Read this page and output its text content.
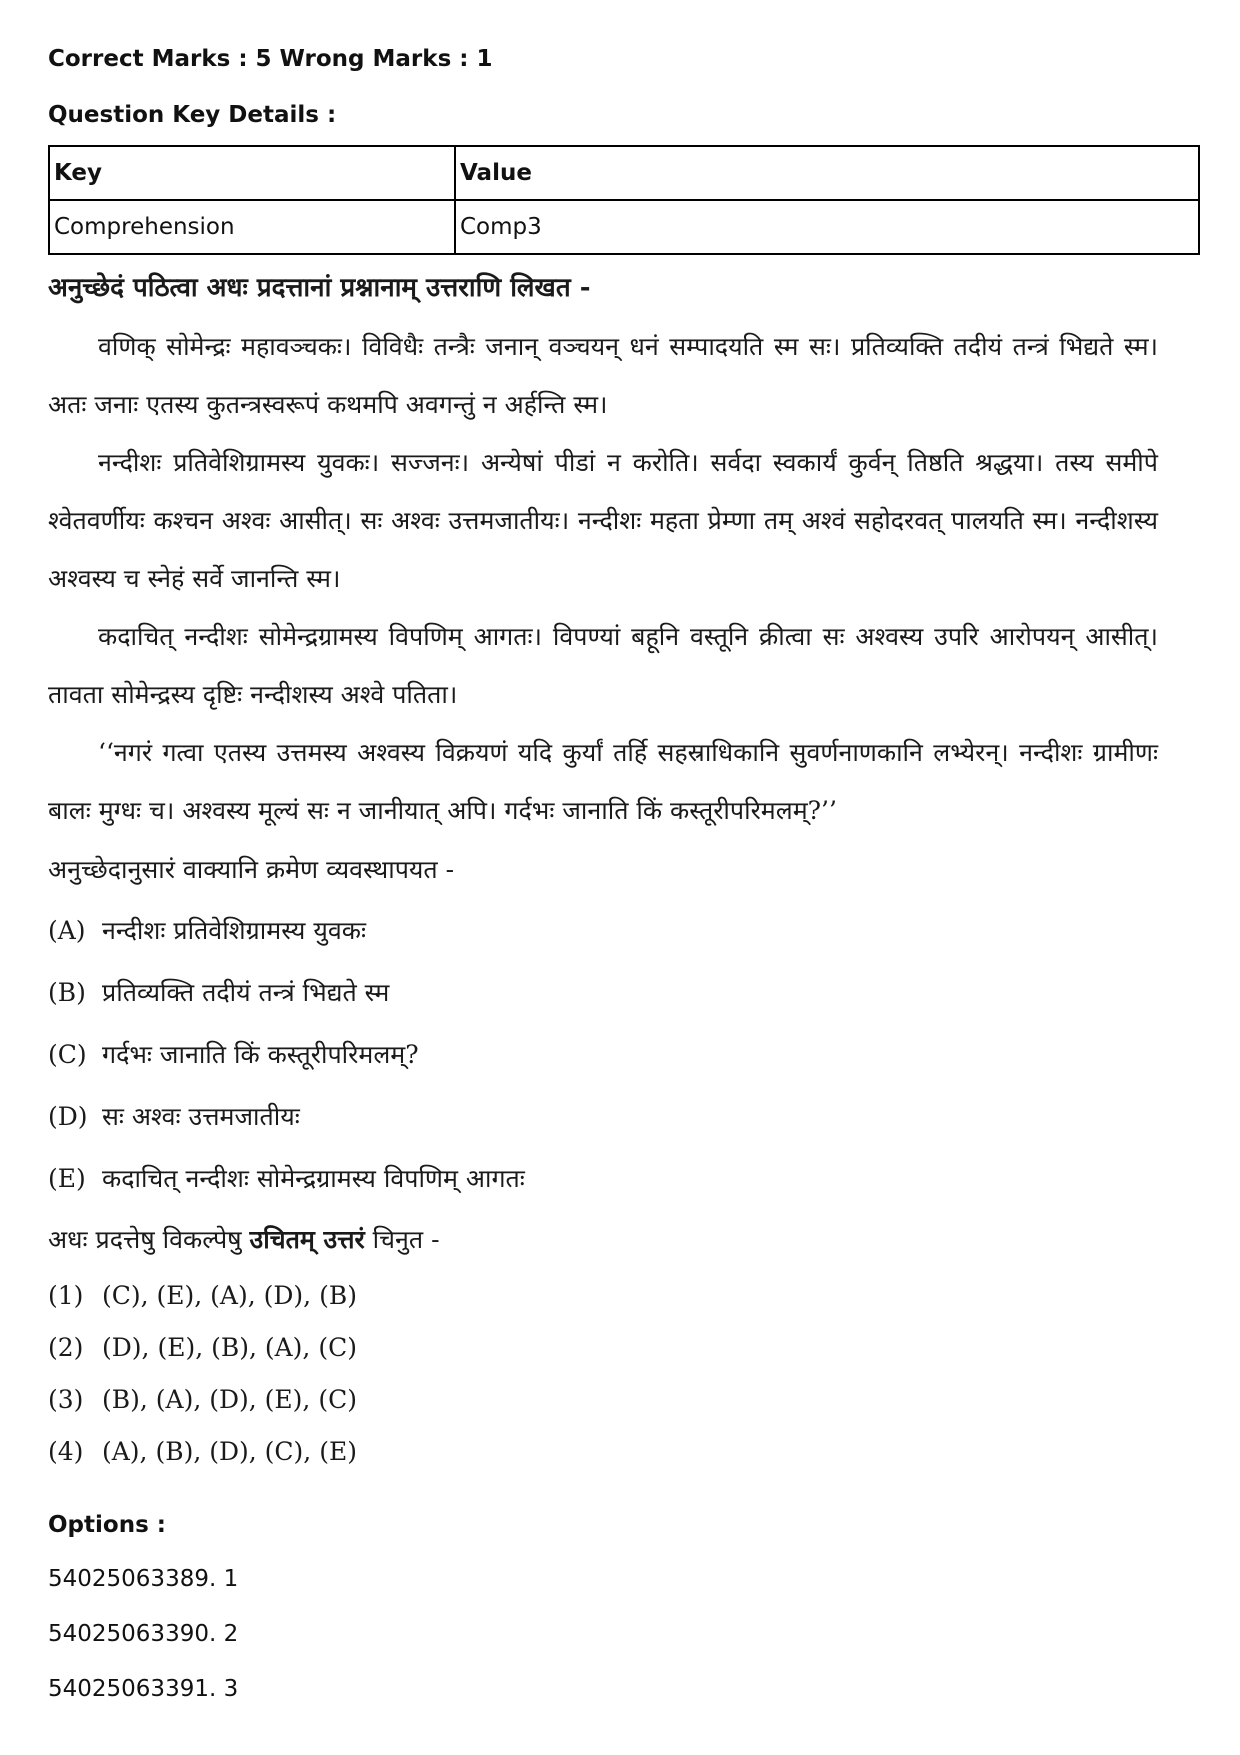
Correct Marks : 5 Wrong Marks : 1

Question Key Details :

Key	Value
Comprehension	Comp3

अनुच्छेदं पठित्वा अधः प्रदत्तानां प्रश्नानाम् उत्तराणि लिखत -

वणिक् सोमेन्द्रः महावञ्चकः। विविधैः तन्त्रैः जनान् वञ्चयन् धनं सम्पादयति स्म सः। प्रतिव्यक्ति तदीयं तन्त्रं भिद्यते स्म। अतः जनाः एतस्य कुतन्त्रस्वरूपं कथमपि अवगन्तुं न अर्हन्ति स्म।

नन्दीशः प्रतिवेशिग्रामस्य युवकः। सज्जनः। अन्येषां पीडां न करोति। सर्वदा स्वकार्यं कुर्वन् तिष्ठति श्रद्धया। तस्य समीपे श्वेतवर्णीयः कश्चन अश्वः आसीत्। सः अश्वः उत्तमजातीयः। नन्दीशः महता प्रेम्णा तम् अश्वं सहोदरवत् पालयति स्म। नन्दीशस्य अश्वस्य च स्नेहं सर्वे जानन्ति स्म।

कदाचित् नन्दीशः सोमेन्द्रग्रामस्य विपणिम् आगतः। विपण्यां बहूनि वस्तूनि क्रीत्वा सः अश्वस्य उपरि आरोपयन् आसीत्। तावता सोमेन्द्रस्य दृष्टिः नन्दीशस्य अश्वे पतिता।

‘‘नगरं गत्वा एतस्य उत्तमस्य अश्वस्य विक्रयणं यदि कुर्यां तर्हि सहस्राधिकानि सुवर्णनाणकानि लभ्येरन्। नन्दीशः ग्रामीणः बालः मुग्धः च। अश्वस्य मूल्यं सः न जानीयात् अपि। गर्दभः जानाति किं कस्तूरीपरिमलम्?’’

अनुच्छेदानुसारं वाक्यानि क्रमेण व्यवस्थापयत -

(A) नन्दीशः प्रतिवेशिग्रामस्य युवकः

(B) प्रतिव्यक्ति तदीयं तन्त्रं भिद्यते स्म

(C) गर्दभः जानाति किं कस्तूरीपरिमलम्?

(D) सः अश्वः उत्तमजातीयः

(E) कदाचित् नन्दीशः सोमेन्द्रग्रामस्य विपणिम् आगतः

अधः प्रदत्तेषु विकल्पेषु उचितम् उत्तरं चिनुत -

(1) (C), (E), (A), (D), (B)

(2) (D), (E), (B), (A), (C)

(3) (B), (A), (D), (E), (C)

(4) (A), (B), (D), (C), (E)

Options :

54025063389. 1

54025063390. 2

54025063391. 3
